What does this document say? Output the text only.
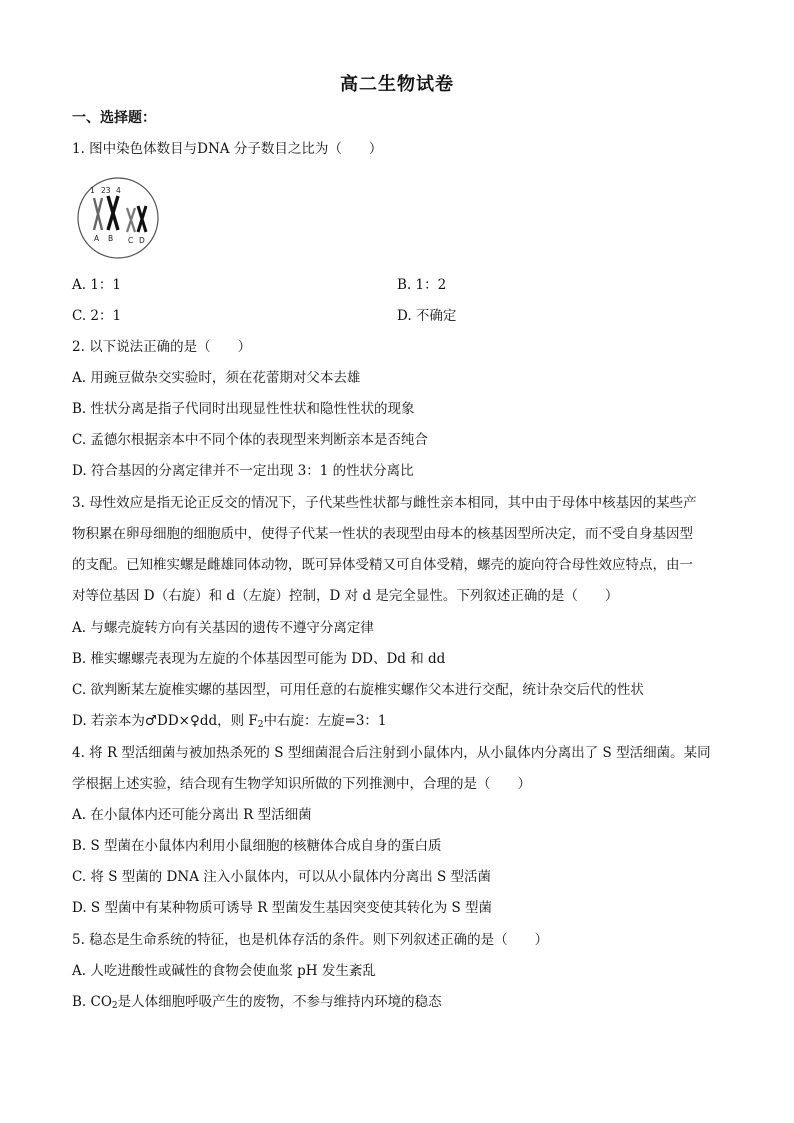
高二生物试卷
一、选择题：
1. 图中染色体数目与DNA 分子数目之比为（　　）
1 23 4
A B C D
A. 1：1	B. 1：2
C. 2：1	D. 不确定
2. 以下说法正确的是（　　）
A. 用豌豆做杂交实验时，须在花蕾期对父本去雄
B. 性状分离是指子代同时出现显性性状和隐性性状的现象
C. 孟德尔根据亲本中不同个体的表现型来判断亲本是否纯合
D. 符合基因的分离定律并不一定出现 3：1 的性状分离比
3. 母性效应是指无论正反交的情况下，子代某些性状都与雌性亲本相同，其中由于母体中核基因的某些产
物积累在卵母细胞的细胞质中，使得子代某一性状的表现型由母本的核基因型所决定，而不受自身基因型
的支配。已知椎实螺是雌雄同体动物，既可异体受精又可自体受精，螺壳的旋向符合母性效应特点，由一
对等位基因 D（右旋）和 d（左旋）控制，D 对 d 是完全显性。下列叙述正确的是（　　）
A. 与螺壳旋转方向有关基因的遗传不遵守分离定律
B. 椎实螺螺壳表现为左旋的个体基因型可能为 DD、Dd 和 dd
C. 欲判断某左旋椎实螺的基因型，可用任意的右旋椎实螺作父本进行交配，统计杂交后代的性状
D. 若亲本为♂DD×♀dd，则 $F_2$中右旋：左旋=3：1
4. 将 R 型活细菌与被加热杀死的 S 型细菌混合后注射到小鼠体内，从小鼠体内分离出了 S 型活细菌。某同
学根据上述实验，结合现有生物学知识所做的下列推测中，合理的是（　　）
A. 在小鼠体内还可能分离出 R 型活细菌
B. S 型菌在小鼠体内利用小鼠细胞的核糖体合成自身的蛋白质
C. 将 S 型菌的 DNA 注入小鼠体内，可以从小鼠体内分离出 S 型活菌
D. S 型菌中有某种物质可诱导 R 型菌发生基因突变使其转化为 S 型菌
5. 稳态是生命系统的特征，也是机体存活的条件。则下列叙述正确的是（　　）
A. 人吃进酸性或碱性的食物会使血浆 pH 发生紊乱
B. $CO_2$是人体细胞呼吸产生的废物，不参与维持内环境的稳态
